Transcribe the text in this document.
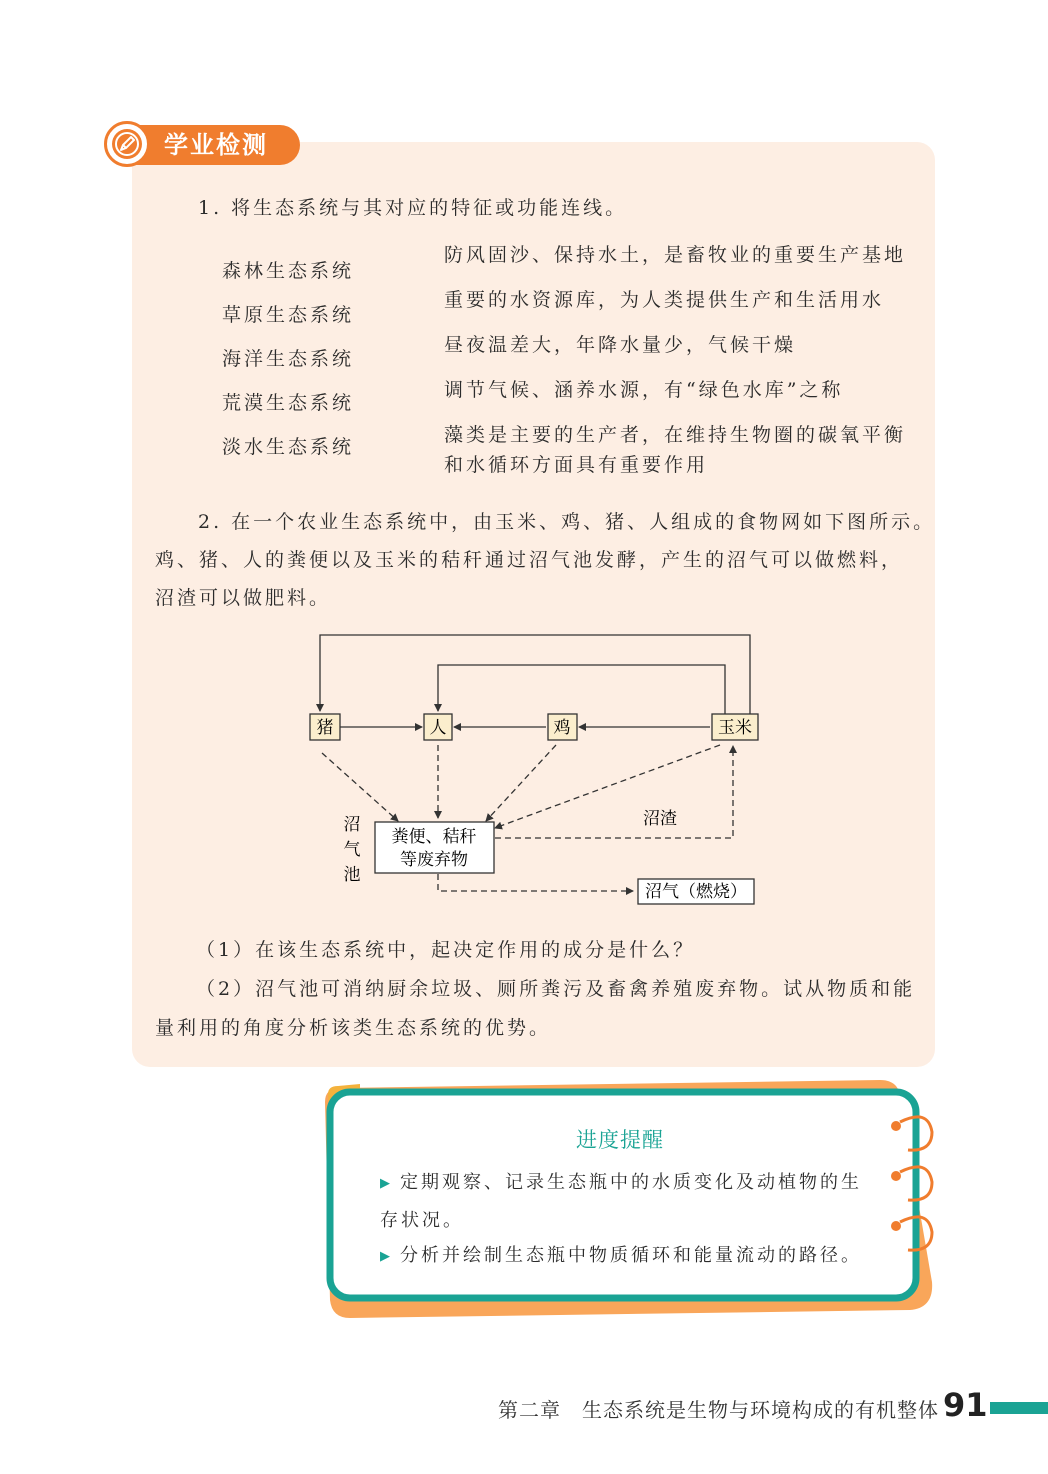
学业检测
1. 将生态系统与其对应的特征或功能连线。
森林生态系统
草原生态系统
海洋生态系统
荒漠生态系统
淡水生态系统
防风固沙、保持水土，是畜牧业的重要生产基地
重要的水资源库，为人类提供生产和生活用水
昼夜温差大，年降水量少，气候干燥
调节气候、涵养水源，有“绿色水库”之称
藻类是主要的生产者，在维持生物圈的碳氧平衡
和水循环方面具有重要作用
2. 在一个农业生态系统中，由玉米、鸡、猪、人组成的食物网如下图所示。
鸡、猪、人的粪便以及玉米的秸秆通过沼气池发酵，产生的沼气可以做燃料，
沼渣可以做肥料。
猪	人	鸡	玉米
粪便、秸秆
等废弃物
沼气（燃烧）
沼
气
池
沼渣
（1）在该生态系统中，起决定作用的成分是什么？
（2）沼气池可消纳厨余垃圾、厕所粪污及畜禽养殖废弃物。试从物质和能
量利用的角度分析该类生态系统的优势。
进度提醒
▶ 定期观察、记录生态瓶中的水质变化及动植物的生
存状况。
▶ 分析并绘制生态瓶中物质循环和能量流动的路径。
第二章　生态系统是生物与环境构成的有机整体 91
